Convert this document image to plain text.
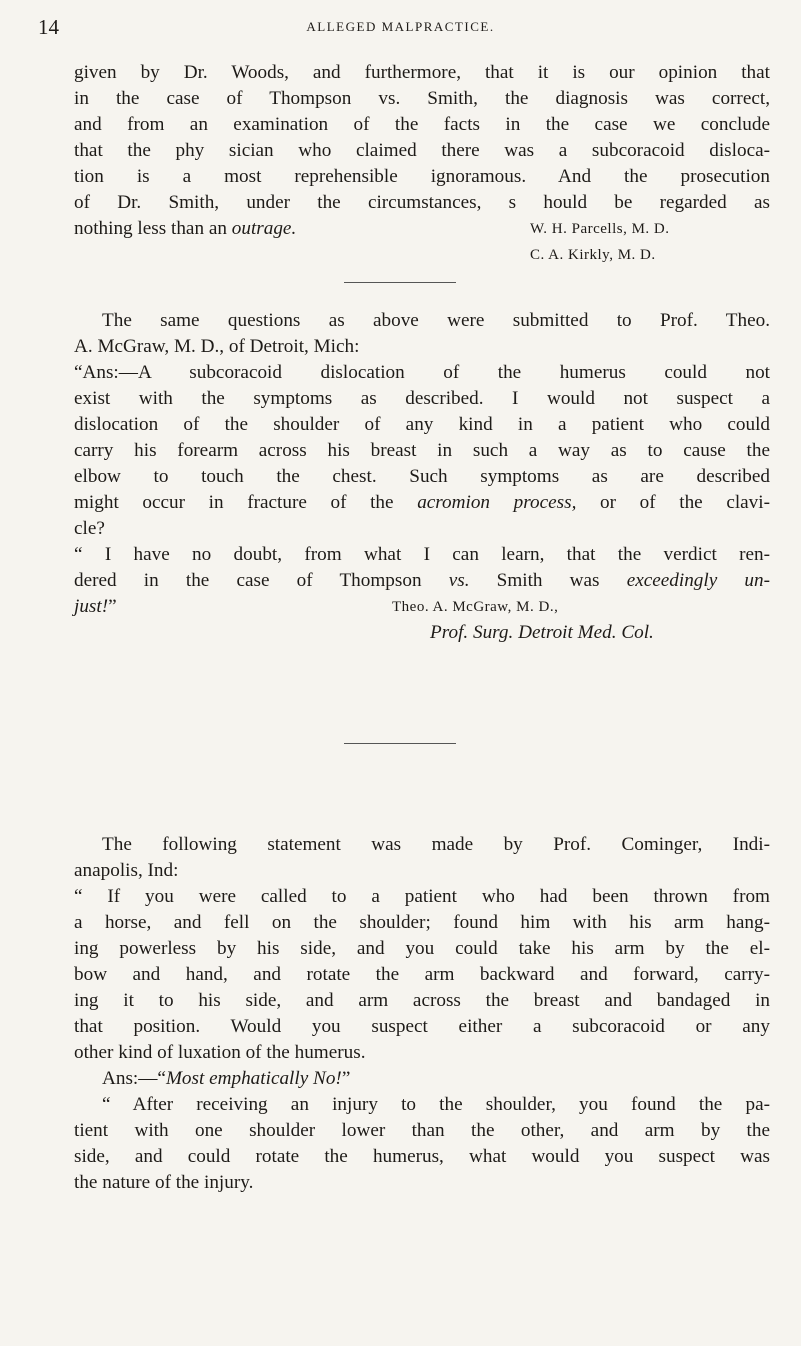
14	ALLEGED MALPRACTICE.
given by Dr. Woods, and furthermore, that it is our opinion that
in the case of Thompson vs. Smith, the diagnosis was correct,
and from an examination of the facts in the case we conclude
that the phy sician who claimed there was a subcoracoid disloca-
tion is a most reprehensible ignoramous. And the prosecution
of Dr. Smith, under the circumstances, s hould be regarded as
nothing less than an outrage.	W. H. Parcells, M. D.
C. A. Kirkly, M. D.
The same questions as above were submitted to Prof. Theo.
A. McGraw, M. D., of Detroit, Mich:
“Ans:—A subcoracoid dislocation of the humerus could not
exist with the symptoms as described. I would not suspect a
dislocation of the shoulder of any kind in a patient who could
carry his forearm across his breast in such a way as to cause the
elbow to touch the chest. Such symptoms as are described
might occur in fracture of the acromion process, or of the clavi-
cle?
“ I have no doubt, from what I can learn, that the verdict ren-
dered in the case of Thompson vs. Smith was exceedingly un-
just!”	Theo. A. McGraw, M. D.,
Prof. Surg. Detroit Med. Col.
The following statement was made by Prof. Cominger, Indi-
anapolis, Ind:
“ If you were called to a patient who had been thrown from
a horse, and fell on the shoulder; found him with his arm hang-
ing powerless by his side, and you could take his arm by the el-
bow and hand, and rotate the arm backward and forward, carry-
ing it to his side, and arm across the breast and bandaged in
that position. Would you suspect either a subcoracoid or any
other kind of luxation of the humerus.
Ans:—“Most emphatically No!”
“ After receiving an injury to the shoulder, you found the pa-
tient with one shoulder lower than the other, and arm by the
side, and could rotate the humerus, what would you suspect was
the nature of the injury.
